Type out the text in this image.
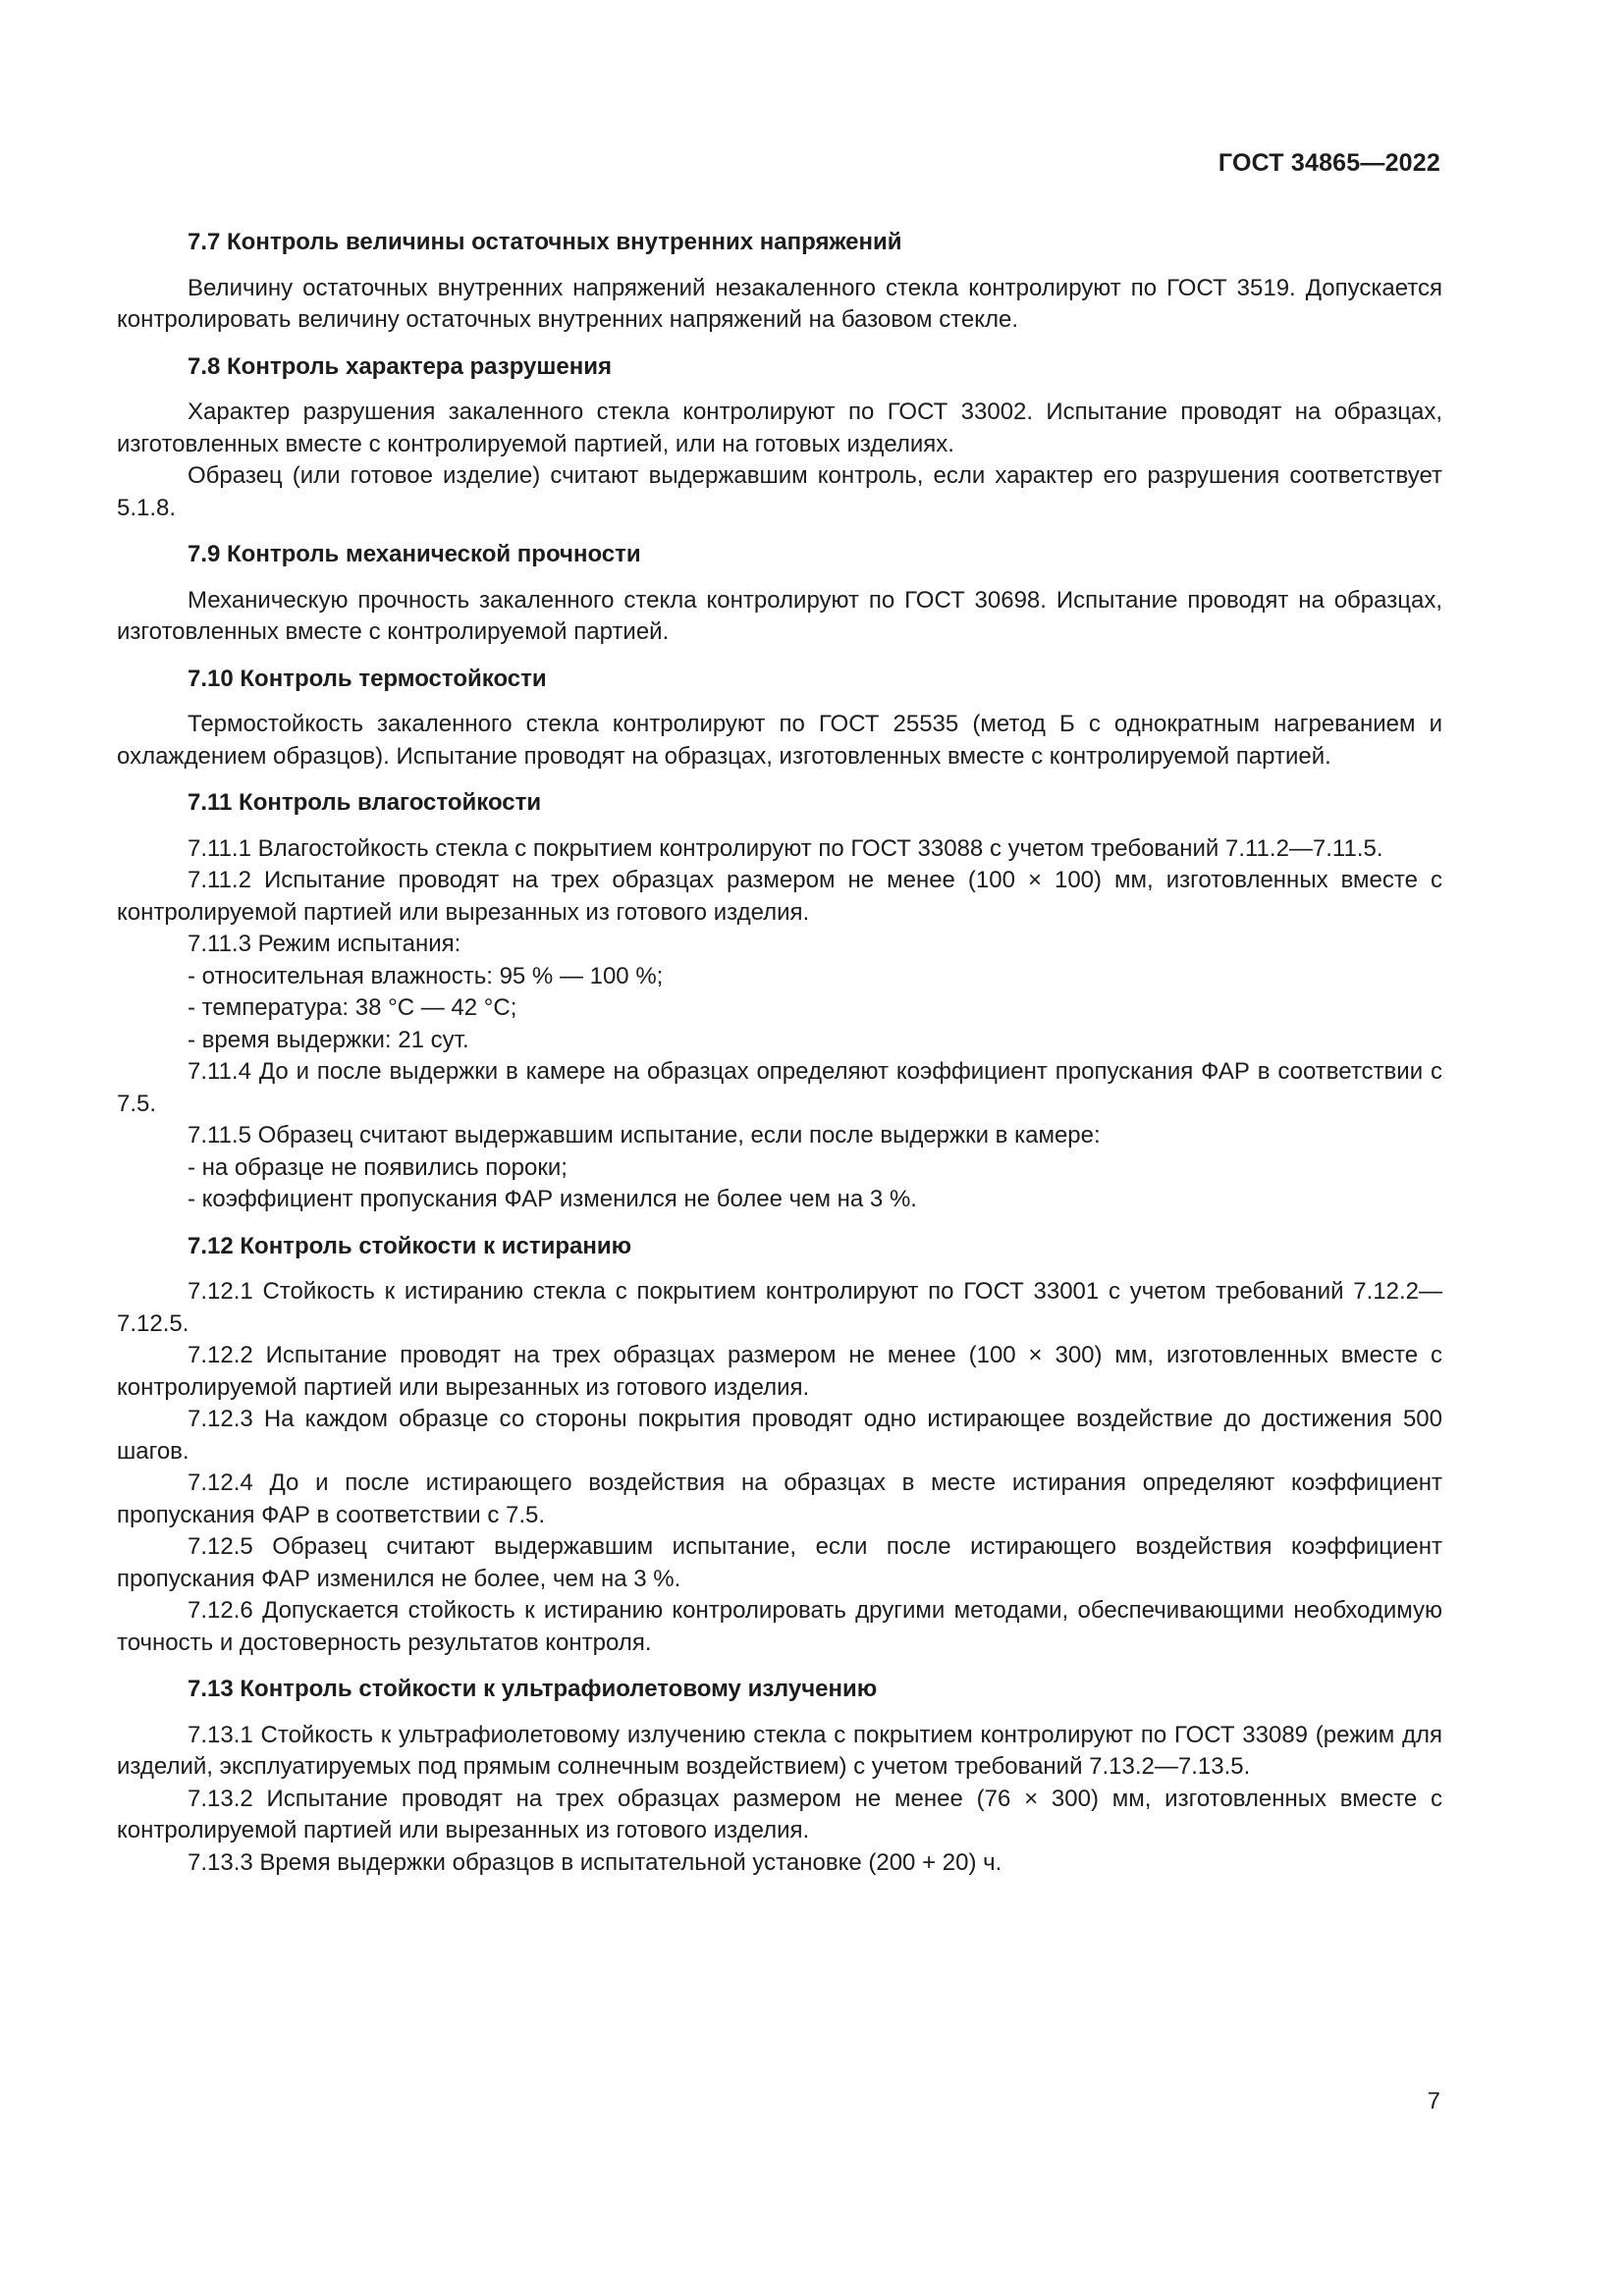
ГОСТ 34865—2022
7.7 Контроль величины остаточных внутренних напряжений

Величину остаточных внутренних напряжений незакаленного стекла контролируют по ГОСТ 3519. Допускается контролировать величину остаточных внутренних напряжений на базовом стекле.

7.8 Контроль характера разрушения

Характер разрушения закаленного стекла контролируют по ГОСТ 33002. Испытание проводят на образцах, изготовленных вместе с контролируемой партией, или на готовых изделиях.

Образец (или готовое изделие) считают выдержавшим контроль, если характер его разрушения соответствует 5.1.8.

7.9 Контроль механической прочности

Механическую прочность закаленного стекла контролируют по ГОСТ 30698. Испытание проводят на образцах, изготовленных вместе с контролируемой партией.

7.10 Контроль термостойкости

Термостойкость закаленного стекла контролируют по ГОСТ 25535 (метод Б с однократным нагреванием и охлаждением образцов). Испытание проводят на образцах, изготовленных вместе с контролируемой партией.

7.11 Контроль влагостойкости

7.11.1 Влагостойкость стекла с покрытием контролируют по ГОСТ 33088 с учетом требований 7.11.2—7.11.5.

7.11.2 Испытание проводят на трех образцах размером не менее (100 × 100) мм, изготовленных вместе с контролируемой партией или вырезанных из готового изделия.

7.11.3 Режим испытания:

- относительная влажность: 95 % — 100 %;

- температура: 38 °С — 42 °С;

- время выдержки: 21 сут.

7.11.4 До и после выдержки в камере на образцах определяют коэффициент пропускания ФАР в соответствии с 7.5.

7.11.5 Образец считают выдержавшим испытание, если после выдержки в камере:

- на образце не появились пороки;

- коэффициент пропускания ФАР изменился не более чем на 3 %.

7.12 Контроль стойкости к истиранию

7.12.1 Стойкость к истиранию стекла с покрытием контролируют по ГОСТ 33001 с учетом требований 7.12.2—7.12.5.

7.12.2 Испытание проводят на трех образцах размером не менее (100 × 300) мм, изготовленных вместе с контролируемой партией или вырезанных из готового изделия.

7.12.3 На каждом образце со стороны покрытия проводят одно истирающее воздействие до достижения 500 шагов.

7.12.4 До и после истирающего воздействия на образцах в месте истирания определяют коэффициент пропускания ФАР в соответствии с 7.5.

7.12.5 Образец считают выдержавшим испытание, если после истирающего воздействия коэффициент пропускания ФАР изменился не более, чем на 3 %.

7.12.6 Допускается стойкость к истиранию контролировать другими методами, обеспечивающими необходимую точность и достоверность результатов контроля.

7.13 Контроль стойкости к ультрафиолетовому излучению

7.13.1 Стойкость к ультрафиолетовому излучению стекла с покрытием контролируют по ГОСТ 33089 (режим для изделий, эксплуатируемых под прямым солнечным воздействием) с учетом требований 7.13.2—7.13.5.

7.13.2 Испытание проводят на трех образцах размером не менее (76 × 300) мм, изготовленных вместе с контролируемой партией или вырезанных из готового изделия.

7.13.3 Время выдержки образцов в испытательной установке (200 + 20) ч.

7
